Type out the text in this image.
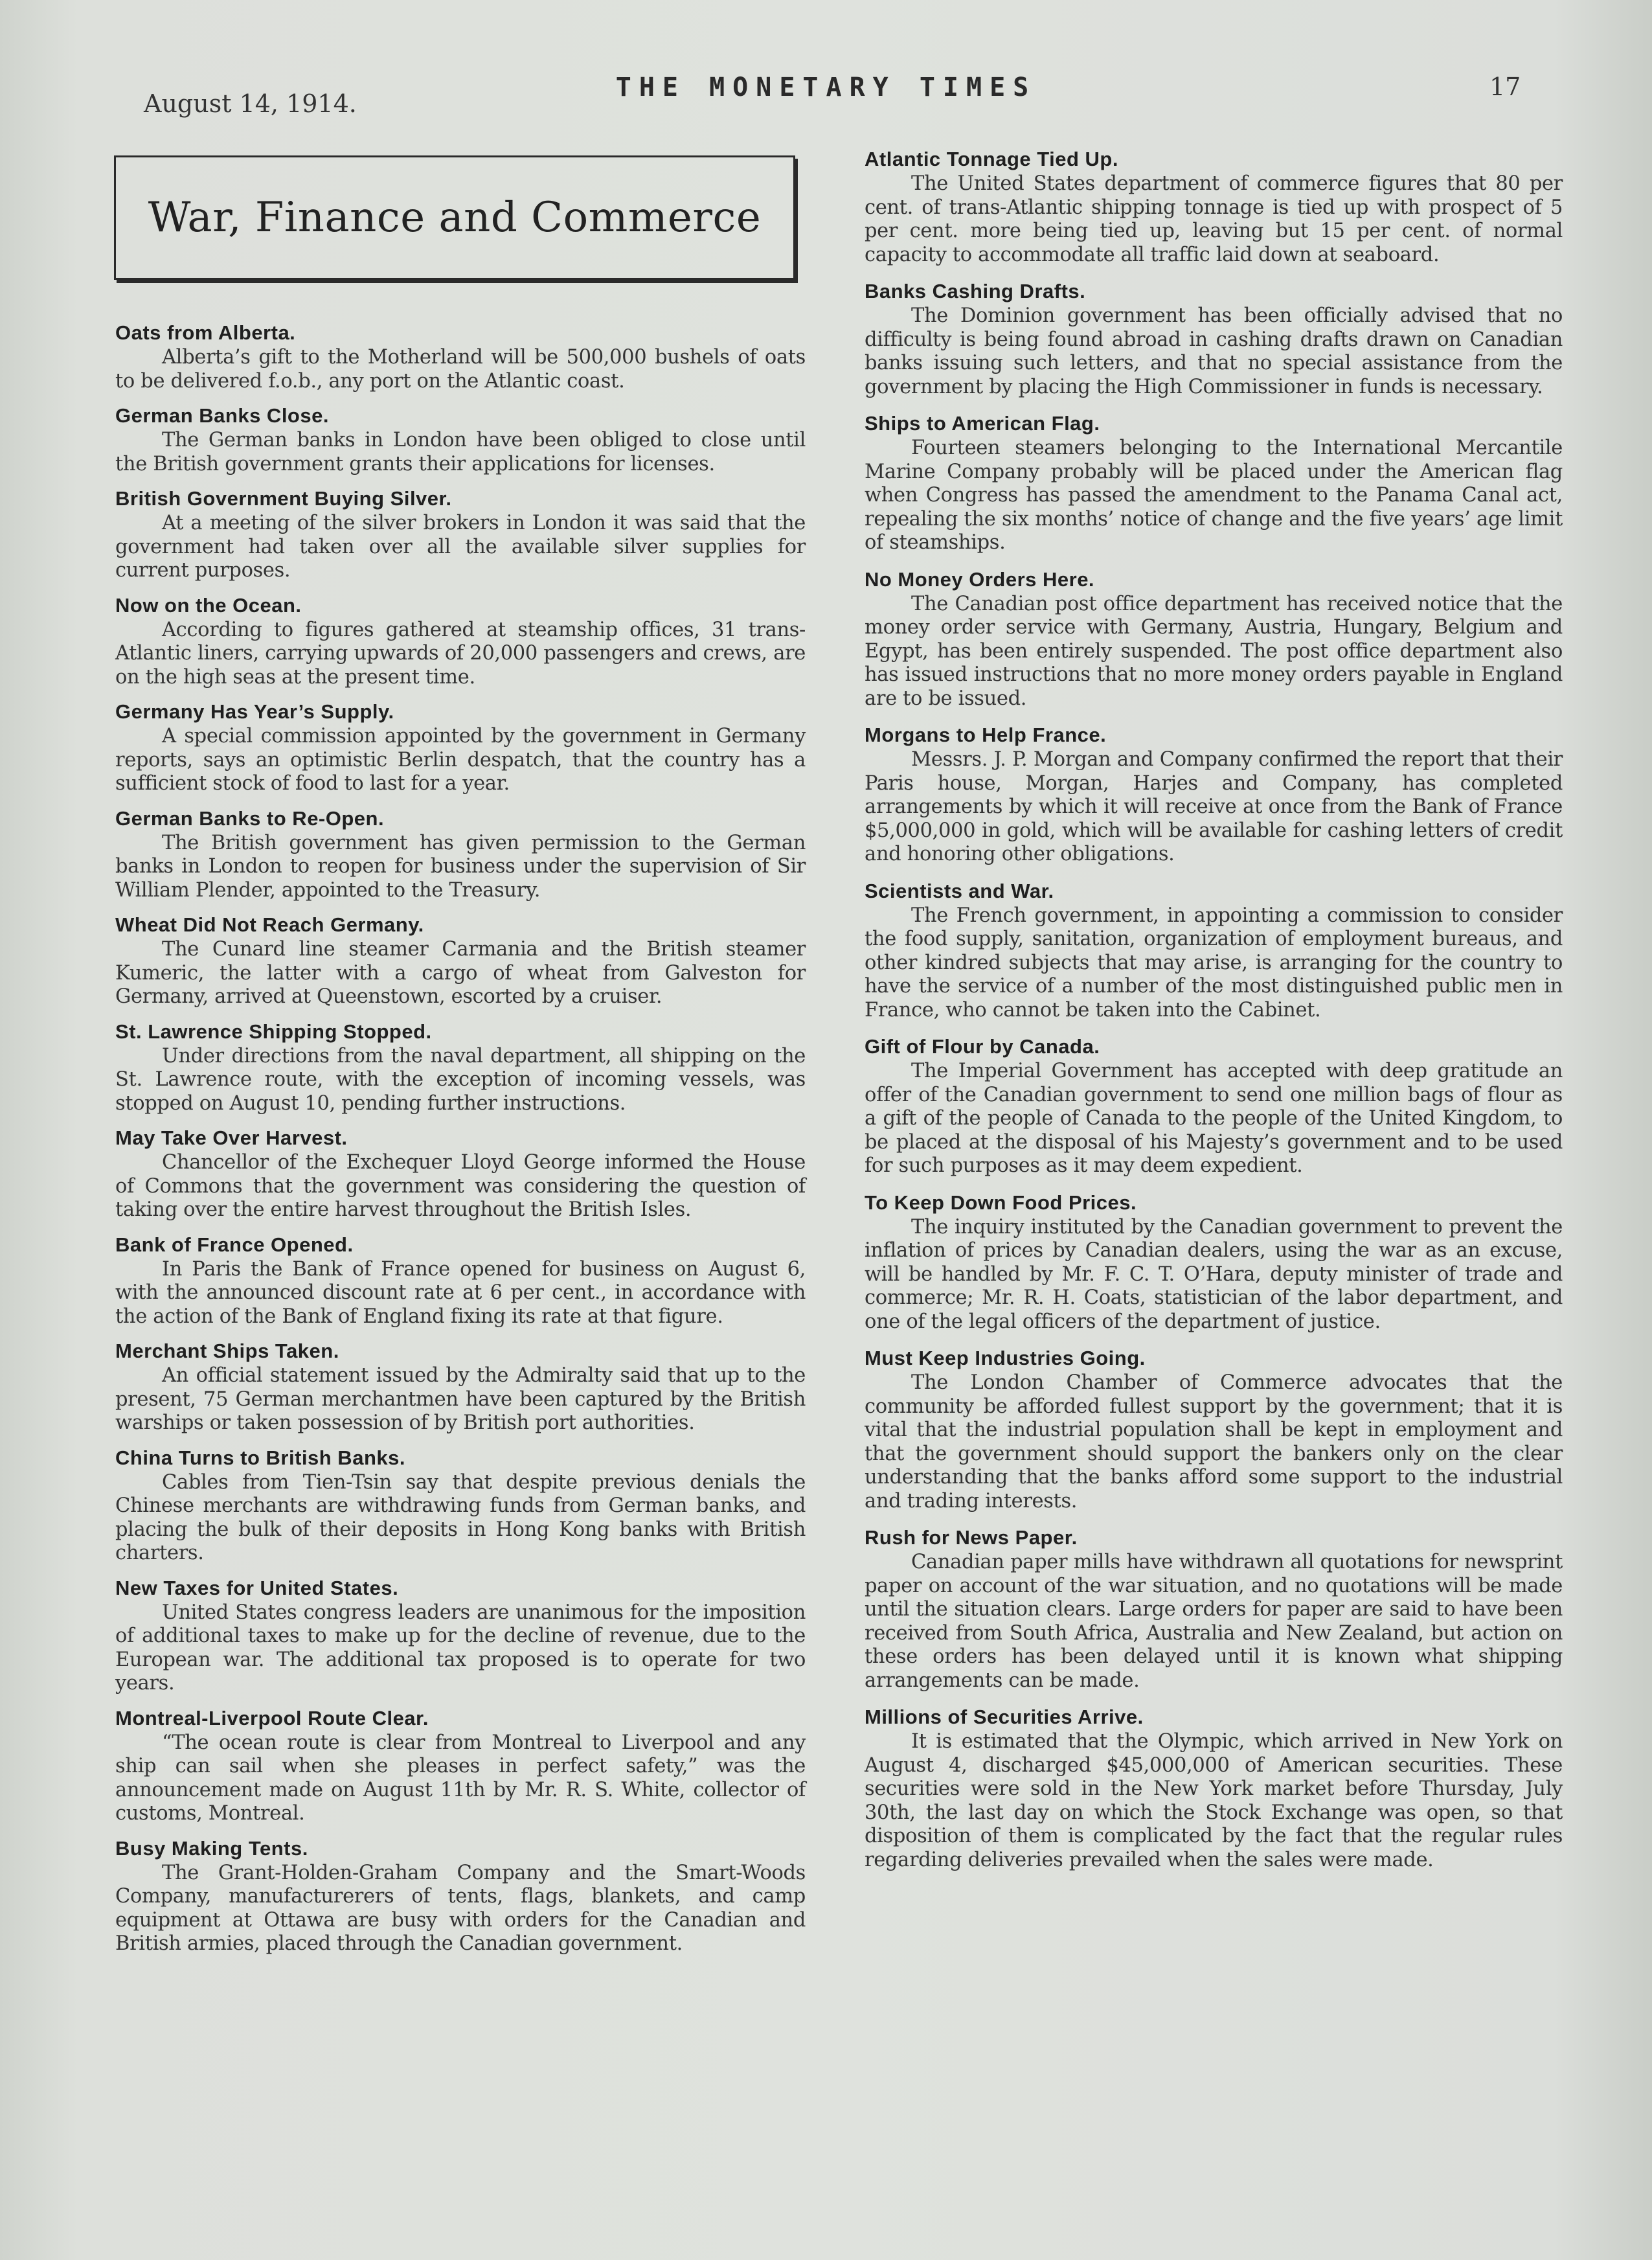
August 14, 1914.
THE MONETARY TIMES	17
War, Finance and Commerce
Oats from Alberta.

Alberta’s gift to the Motherland will be 500,000 bushels of oats to be delivered f.o.b., any port on the Atlantic coast.

German Banks Close.

The German banks in London have been obliged to close until the British government grants their applications for licenses.

British Government Buying Silver.

At a meeting of the silver brokers in London it was said that the government had taken over all the available silver supplies for current purposes.

Now on the Ocean.

According to figures gathered at steamship offices, 31 trans-Atlantic liners, carrying upwards of 20,000 passengers and crews, are on the high seas at the present time.

Germany Has Year’s Supply.

A special commission appointed by the government in Germany reports, says an optimistic Berlin despatch, that the country has a sufficient stock of food to last for a year.

German Banks to Re-Open.

The British government has given permission to the German banks in London to reopen for business under the supervision of Sir William Plender, appointed to the Treasury.

Wheat Did Not Reach Germany.

The Cunard line steamer Carmania and the British steamer Kumeric, the latter with a cargo of wheat from Galveston for Germany, arrived at Queenstown, escorted by a cruiser.

St. Lawrence Shipping Stopped.

Under directions from the naval department, all shipping on the St. Lawrence route, with the exception of incoming vessels, was stopped on August 10, pending further instructions.

May Take Over Harvest.

Chancellor of the Exchequer Lloyd George informed the House of Commons that the government was considering the question of taking over the entire harvest throughout the British Isles.

Bank of France Opened.

In Paris the Bank of France opened for business on August 6, with the announced discount rate at 6 per cent., in accordance with the action of the Bank of England fixing its rate at that figure.

Merchant Ships Taken.

An official statement issued by the Admiralty said that up to the present, 75 German merchantmen have been captured by the British warships or taken possession of by British port authorities.

China Turns to British Banks.

Cables from Tien-Tsin say that despite previous denials the Chinese merchants are withdrawing funds from German banks, and placing the bulk of their deposits in Hong Kong banks with British charters.

New Taxes for United States.

United States congress leaders are unanimous for the imposition of additional taxes to make up for the decline of revenue, due to the European war. The additional tax proposed is to operate for two years.

Montreal-Liverpool Route Clear.

“The ocean route is clear from Montreal to Liverpool and any ship can sail when she pleases in perfect safety,” was the announcement made on August 11th by Mr. R. S. White, collector of customs, Montreal.

Busy Making Tents.

The Grant-Holden-Graham Company and the Smart-Woods Company, manufacturerers of tents, flags, blankets, and camp equipment at Ottawa are busy with orders for the Canadian and British armies, placed through the Canadian government.

Atlantic Tonnage Tied Up.

The United States department of commerce figures that 80 per cent. of trans-Atlantic shipping tonnage is tied up with prospect of 5 per cent. more being tied up, leaving but 15 per cent. of normal capacity to accommodate all traffic laid down at seaboard.

Banks Cashing Drafts.

The Dominion government has been officially advised that no difficulty is being found abroad in cashing drafts drawn on Canadian banks issuing such letters, and that no special assistance from the government by placing the High Commissioner in funds is necessary.

Ships to American Flag.

Fourteen steamers belonging to the International Mercantile Marine Company probably will be placed under the American flag when Congress has passed the amendment to the Panama Canal act, repealing the six months’ notice of change and the five years’ age limit of steamships.

No Money Orders Here.

The Canadian post office department has received notice that the money order service with Germany, Austria, Hungary, Belgium and Egypt, has been entirely suspended. The post office department also has issued instructions that no more money orders payable in England are to be issued.

Morgans to Help France.

Messrs. J. P. Morgan and Company confirmed the report that their Paris house, Morgan, Harjes and Company, has completed arrangements by which it will receive at once from the Bank of France $5,000,000 in gold, which will be available for cashing letters of credit and honoring other obligations.

Scientists and War.

The French government, in appointing a commission to consider the food supply, sanitation, organization of employment bureaus, and other kindred subjects that may arise, is arranging for the country to have the service of a number of the most distinguished public men in France, who cannot be taken into the Cabinet.

Gift of Flour by Canada.

The Imperial Government has accepted with deep gratitude an offer of the Canadian government to send one million bags of flour as a gift of the people of Canada to the people of the United Kingdom, to be placed at the disposal of his Majesty’s government and to be used for such purposes as it may deem expedient.

To Keep Down Food Prices.

The inquiry instituted by the Canadian government to prevent the inflation of prices by Canadian dealers, using the war as an excuse, will be handled by Mr. F. C. T. O’Hara, deputy minister of trade and commerce; Mr. R. H. Coats, statistician of the labor department, and one of the legal officers of the department of justice.

Must Keep Industries Going.

The London Chamber of Commerce advocates that the community be afforded fullest support by the government; that it is vital that the industrial population shall be kept in employment and that the government should support the bankers only on the clear understanding that the banks afford some support to the industrial and trading interests.

Rush for News Paper.

Canadian paper mills have withdrawn all quotations for newsprint paper on account of the war situation, and no quotations will be made until the situation clears. Large orders for paper are said to have been received from South Africa, Australia and New Zealand, but action on these orders has been delayed until it is known what shipping arrangements can be made.

Millions of Securities Arrive.

It is estimated that the Olympic, which arrived in New York on August 4, discharged $45,000,000 of American securities. These securities were sold in the New York market before Thursday, July 30th, the last day on which the Stock Exchange was open, so that disposition of them is complicated by the fact that the regular rules regarding deliveries prevailed when the sales were made.
